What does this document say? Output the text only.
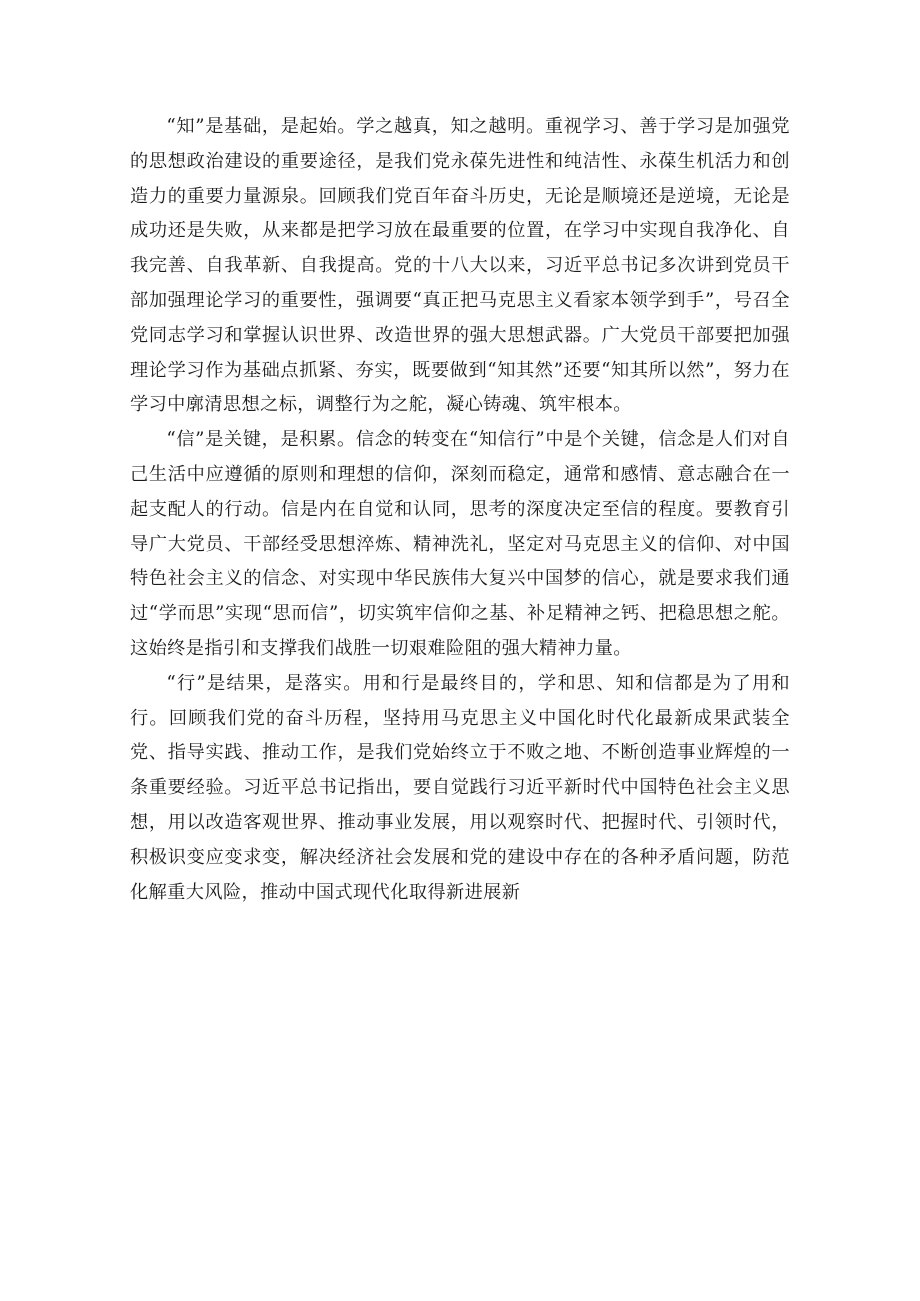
“知”是基础，是起始。学之越真，知之越明。重视学习、善于学习是加强党的思想政治建设的重要途径，是我们党永葆先进性和纯洁性、永葆生机活力和创造力的重要力量源泉。回顾我们党百年奋斗历史，无论是顺境还是逆境，无论是成功还是失败，从来都是把学习放在最重要的位置，在学习中实现自我净化、自我完善、自我革新、自我提高。党的十八大以来，习近平总书记多次讲到党员干部加强理论学习的重要性，强调要“真正把马克思主义看家本领学到手”，号召全党同志学习和掌握认识世界、改造世界的强大思想武器。广大党员干部要把加强理论学习作为基础点抓紧、夯实，既要做到“知其然”还要“知其所以然”，努力在学习中廓清思想之标，调整行为之舵，凝心铸魂、筑牢根本。

“信”是关键，是积累。信念的转变在“知信行”中是个关键，信念是人们对自己生活中应遵循的原则和理想的信仰，深刻而稳定，通常和感情、意志融合在一起支配人的行动。信是内在自觉和认同，思考的深度决定至信的程度。要教育引导广大党员、干部经受思想淬炼、精神洗礼，坚定对马克思主义的信仰、对中国特色社会主义的信念、对实现中华民族伟大复兴中国梦的信心，就是要求我们通过“学而思”实现“思而信”，切实筑牢信仰之基、补足精神之钙、把稳思想之舵。这始终是指引和支撑我们战胜一切艰难险阻的强大精神力量。

“行”是结果，是落实。用和行是最终目的，学和思、知和信都是为了用和行。回顾我们党的奋斗历程，坚持用马克思主义中国化时代化最新成果武装全党、指导实践、推动工作，是我们党始终立于不败之地、不断创造事业辉煌的一条重要经验。习近平总书记指出，要自觉践行习近平新时代中国特色社会主义思想，用以改造客观世界、推动事业发展，用以观察时代、把握时代、引领时代，积极识变应变求变，解决经济社会发展和党的建设中存在的各种矛盾问题，防范化解重大风险，推动中国式现代化取得新进展新
